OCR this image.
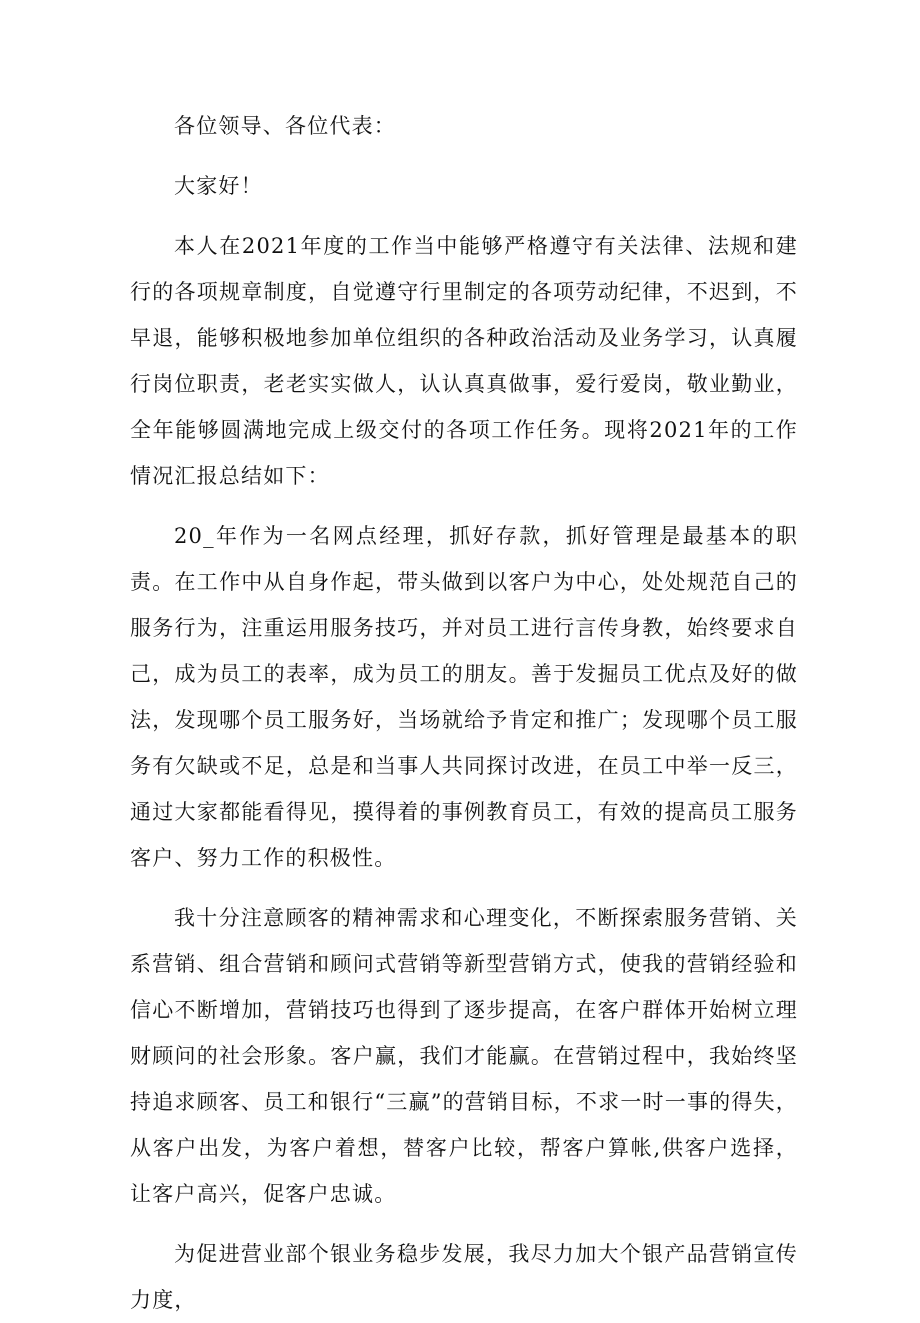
各位领导、各位代表：

大家好！

本人在2021年度的工作当中能够严格遵守有关法律、法规和建行的各项规章制度，自觉遵守行里制定的各项劳动纪律，不迟到，不早退，能够积极地参加单位组织的各种政治活动及业务学习，认真履行岗位职责，老老实实做人，认认真真做事，爱行爱岗，敬业勤业，全年能够圆满地完成上级交付的各项工作任务。现将2021年的工作情况汇报总结如下：

20_年作为一名网点经理，抓好存款，抓好管理是最基本的职责。在工作中从自身作起，带头做到以客户为中心，处处规范自己的服务行为，注重运用服务技巧，并对员工进行言传身教，始终要求自己，成为员工的表率，成为员工的朋友。善于发掘员工优点及好的做法，发现哪个员工服务好，当场就给予肯定和推广；发现哪个员工服务有欠缺或不足，总是和当事人共同探讨改进，在员工中举一反三，通过大家都能看得见，摸得着的事例教育员工，有效的提高员工服务客户、努力工作的积极性。

我十分注意顾客的精神需求和心理变化，不断探索服务营销、关系营销、组合营销和顾问式营销等新型营销方式，使我的营销经验和信心不断增加，营销技巧也得到了逐步提高，在客户群体开始树立理财顾问的社会形象。客户赢，我们才能赢。在营销过程中，我始终坚持追求顾客、员工和银行“三赢”的营销目标，不求一时一事的得失，从客户出发，为客户着想，替客户比较，帮客户算帐,供客户选择，让客户高兴，促客户忠诚。

为促进营业部个银业务稳步发展，我尽力加大个银产品营销宣传力度，
